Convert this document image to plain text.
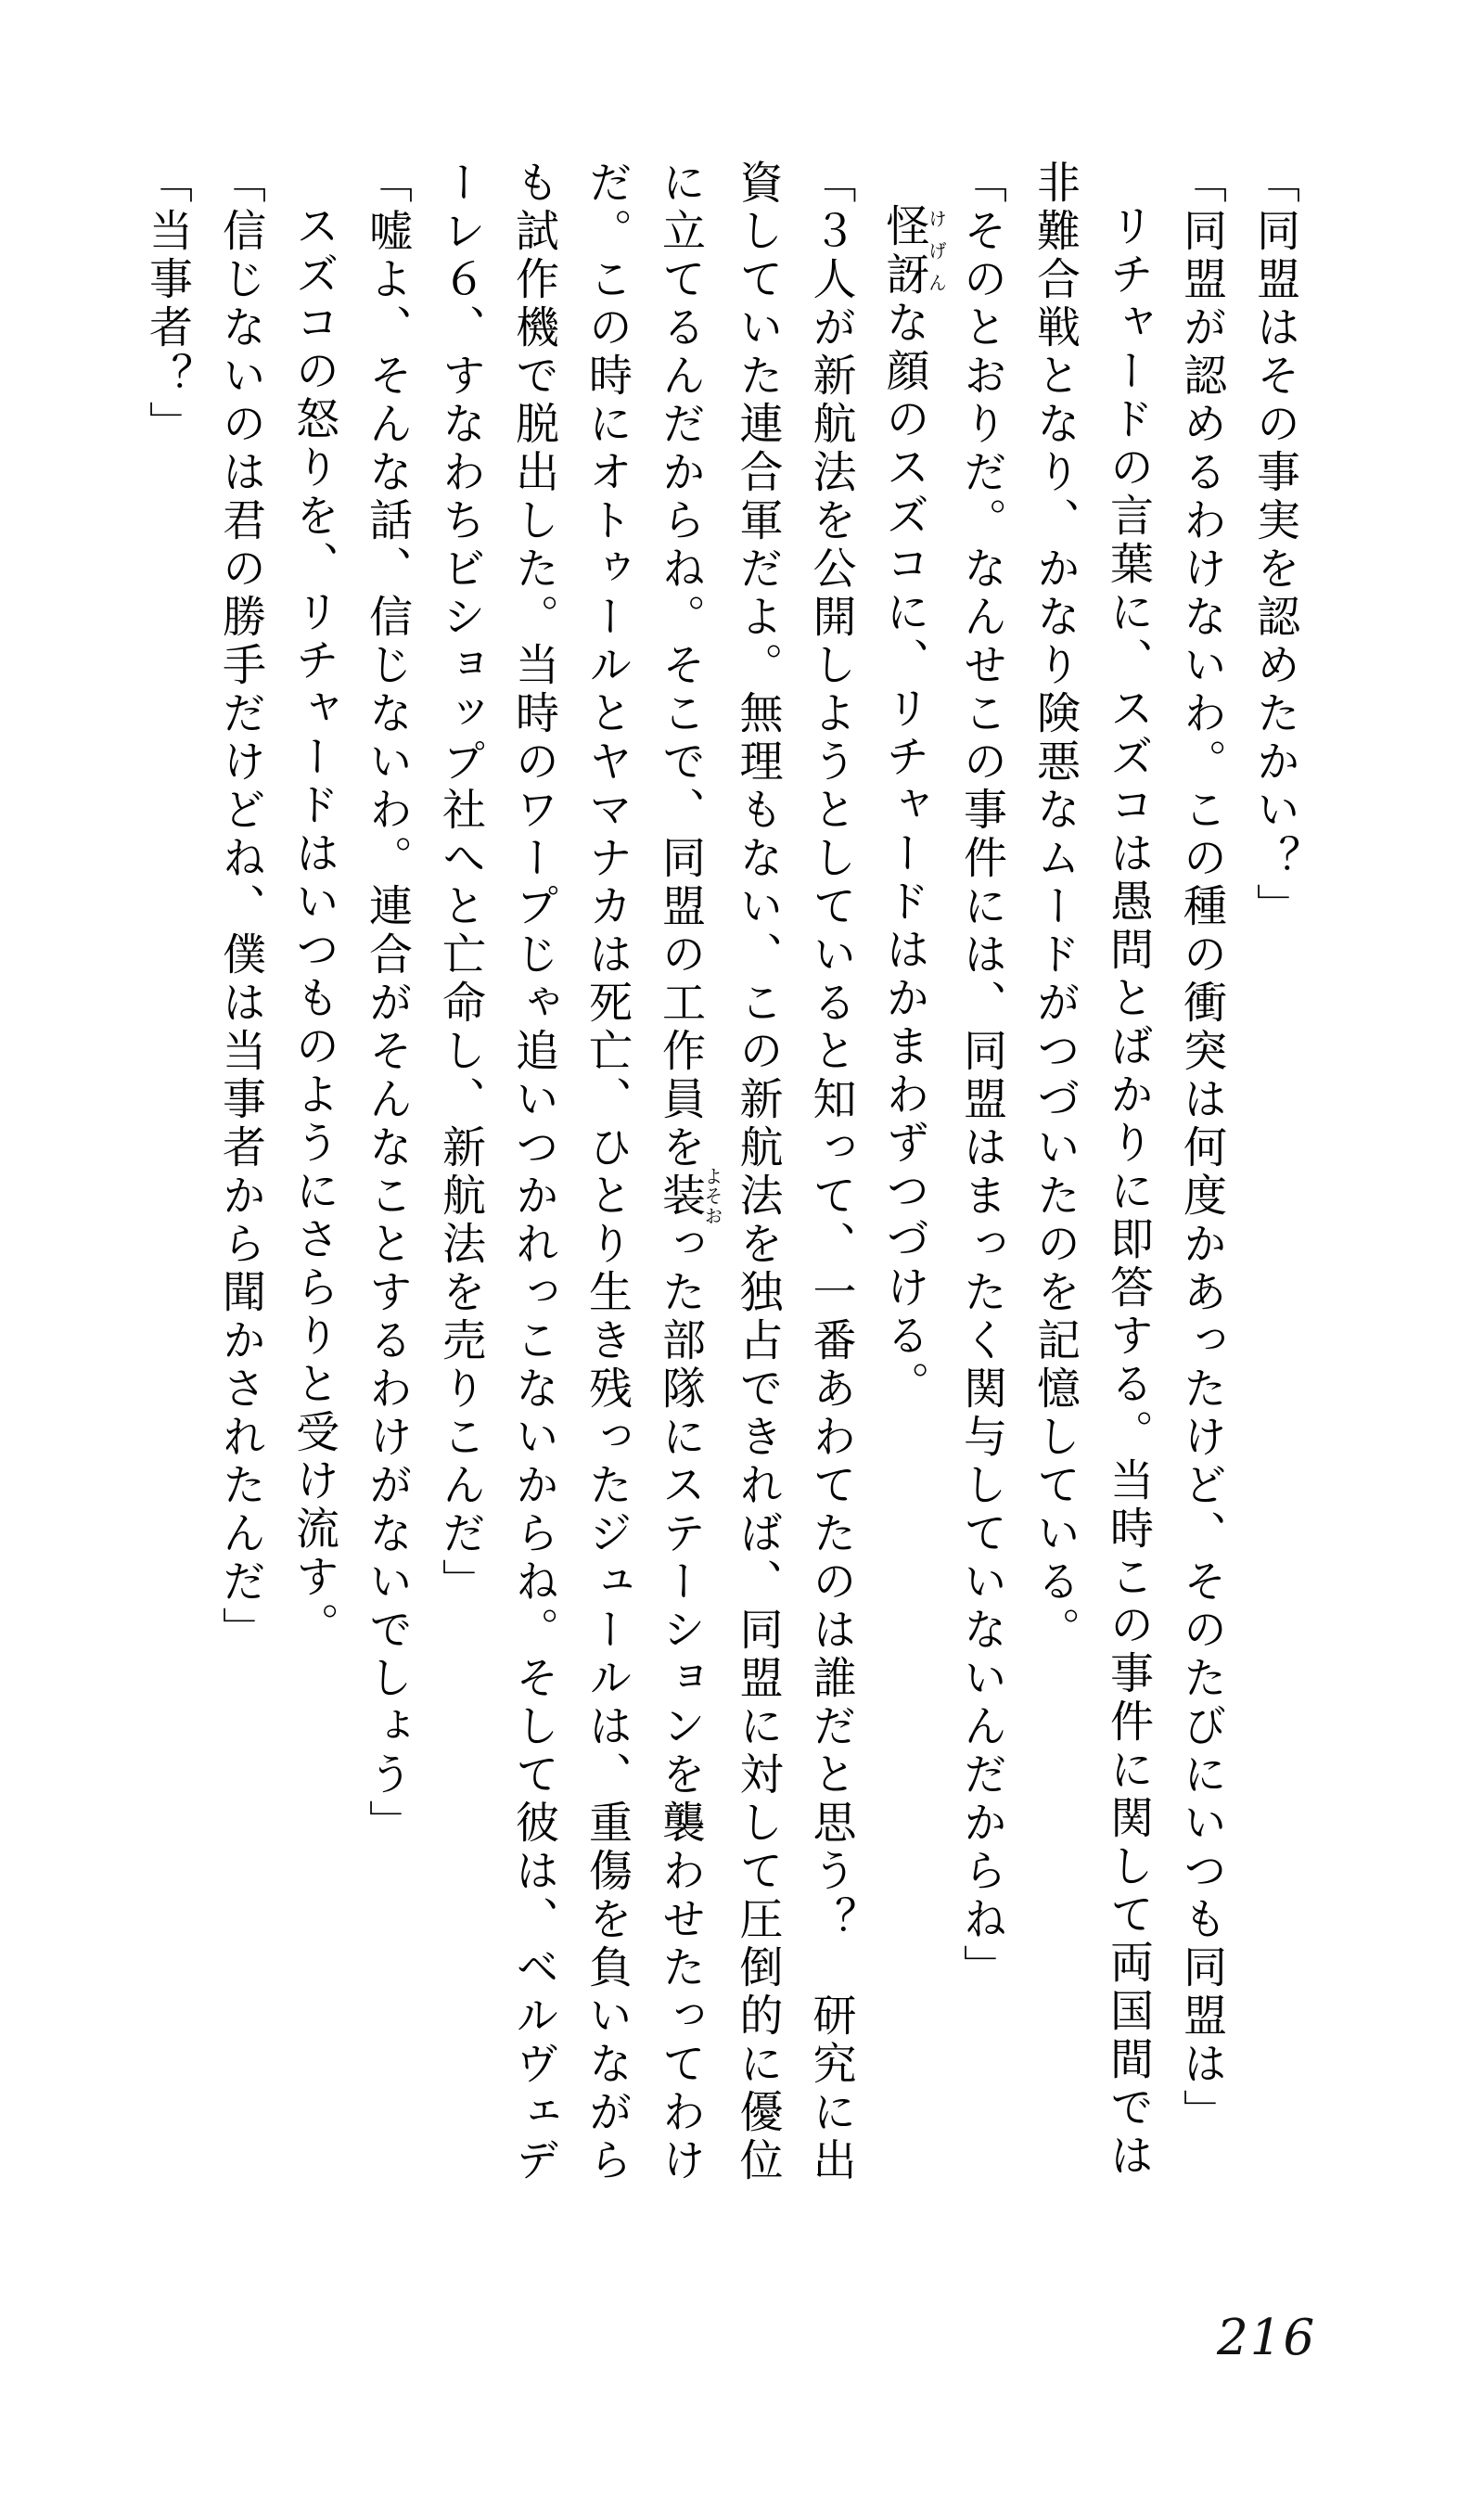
「同盟はその事実を認めたかい？」
「同盟が認めるわけないわ。この種の衝突は何度かあったけど、そのたびにいつも同盟は」
リチャードの言葉に、スズコは愚問とばかりに即答する。当時この事件に関して両国間では
非難合戦となり、かなり険悪なムードがつづいたのを記憶している。
「そのとおりだ。なんせこの事件には、同盟はまったく関与していないんだからね」
怪訝けげんな顔のスズコに、リチャードはかまわずつづける。
「３人が新航法を公開しようとしていると知って、一番あわてたのは誰だと思う？　研究に出
資していた連合軍だよ。無理もない、この新航法を独占できれば、同盟に対して圧倒的に優位
に立てるんだからね。そこで、同盟の工作員を装よそおった部隊にステーションを襲わせたってわけ
だ。この時にオトゥールとヤマナカは死亡、ひとり生き残ったジュールは、重傷を負いながら
も試作機で脱出した。当時のワープじゃ追いつかれっこないからね。そして彼は、ベルヴェデ
ーレ６、すなわちビショップ社へと亡命し、新航法を売りこんだ」
「嘘よ、そんな話、信じないわ。連合がそんなことするわけがないでしょう」
スズコの怒りを、リチャードはいつものようにさらりと受け流す。
「信じないのは君の勝手だけどね、僕は当事者から聞かされたんだ」
「当事者？」
216
